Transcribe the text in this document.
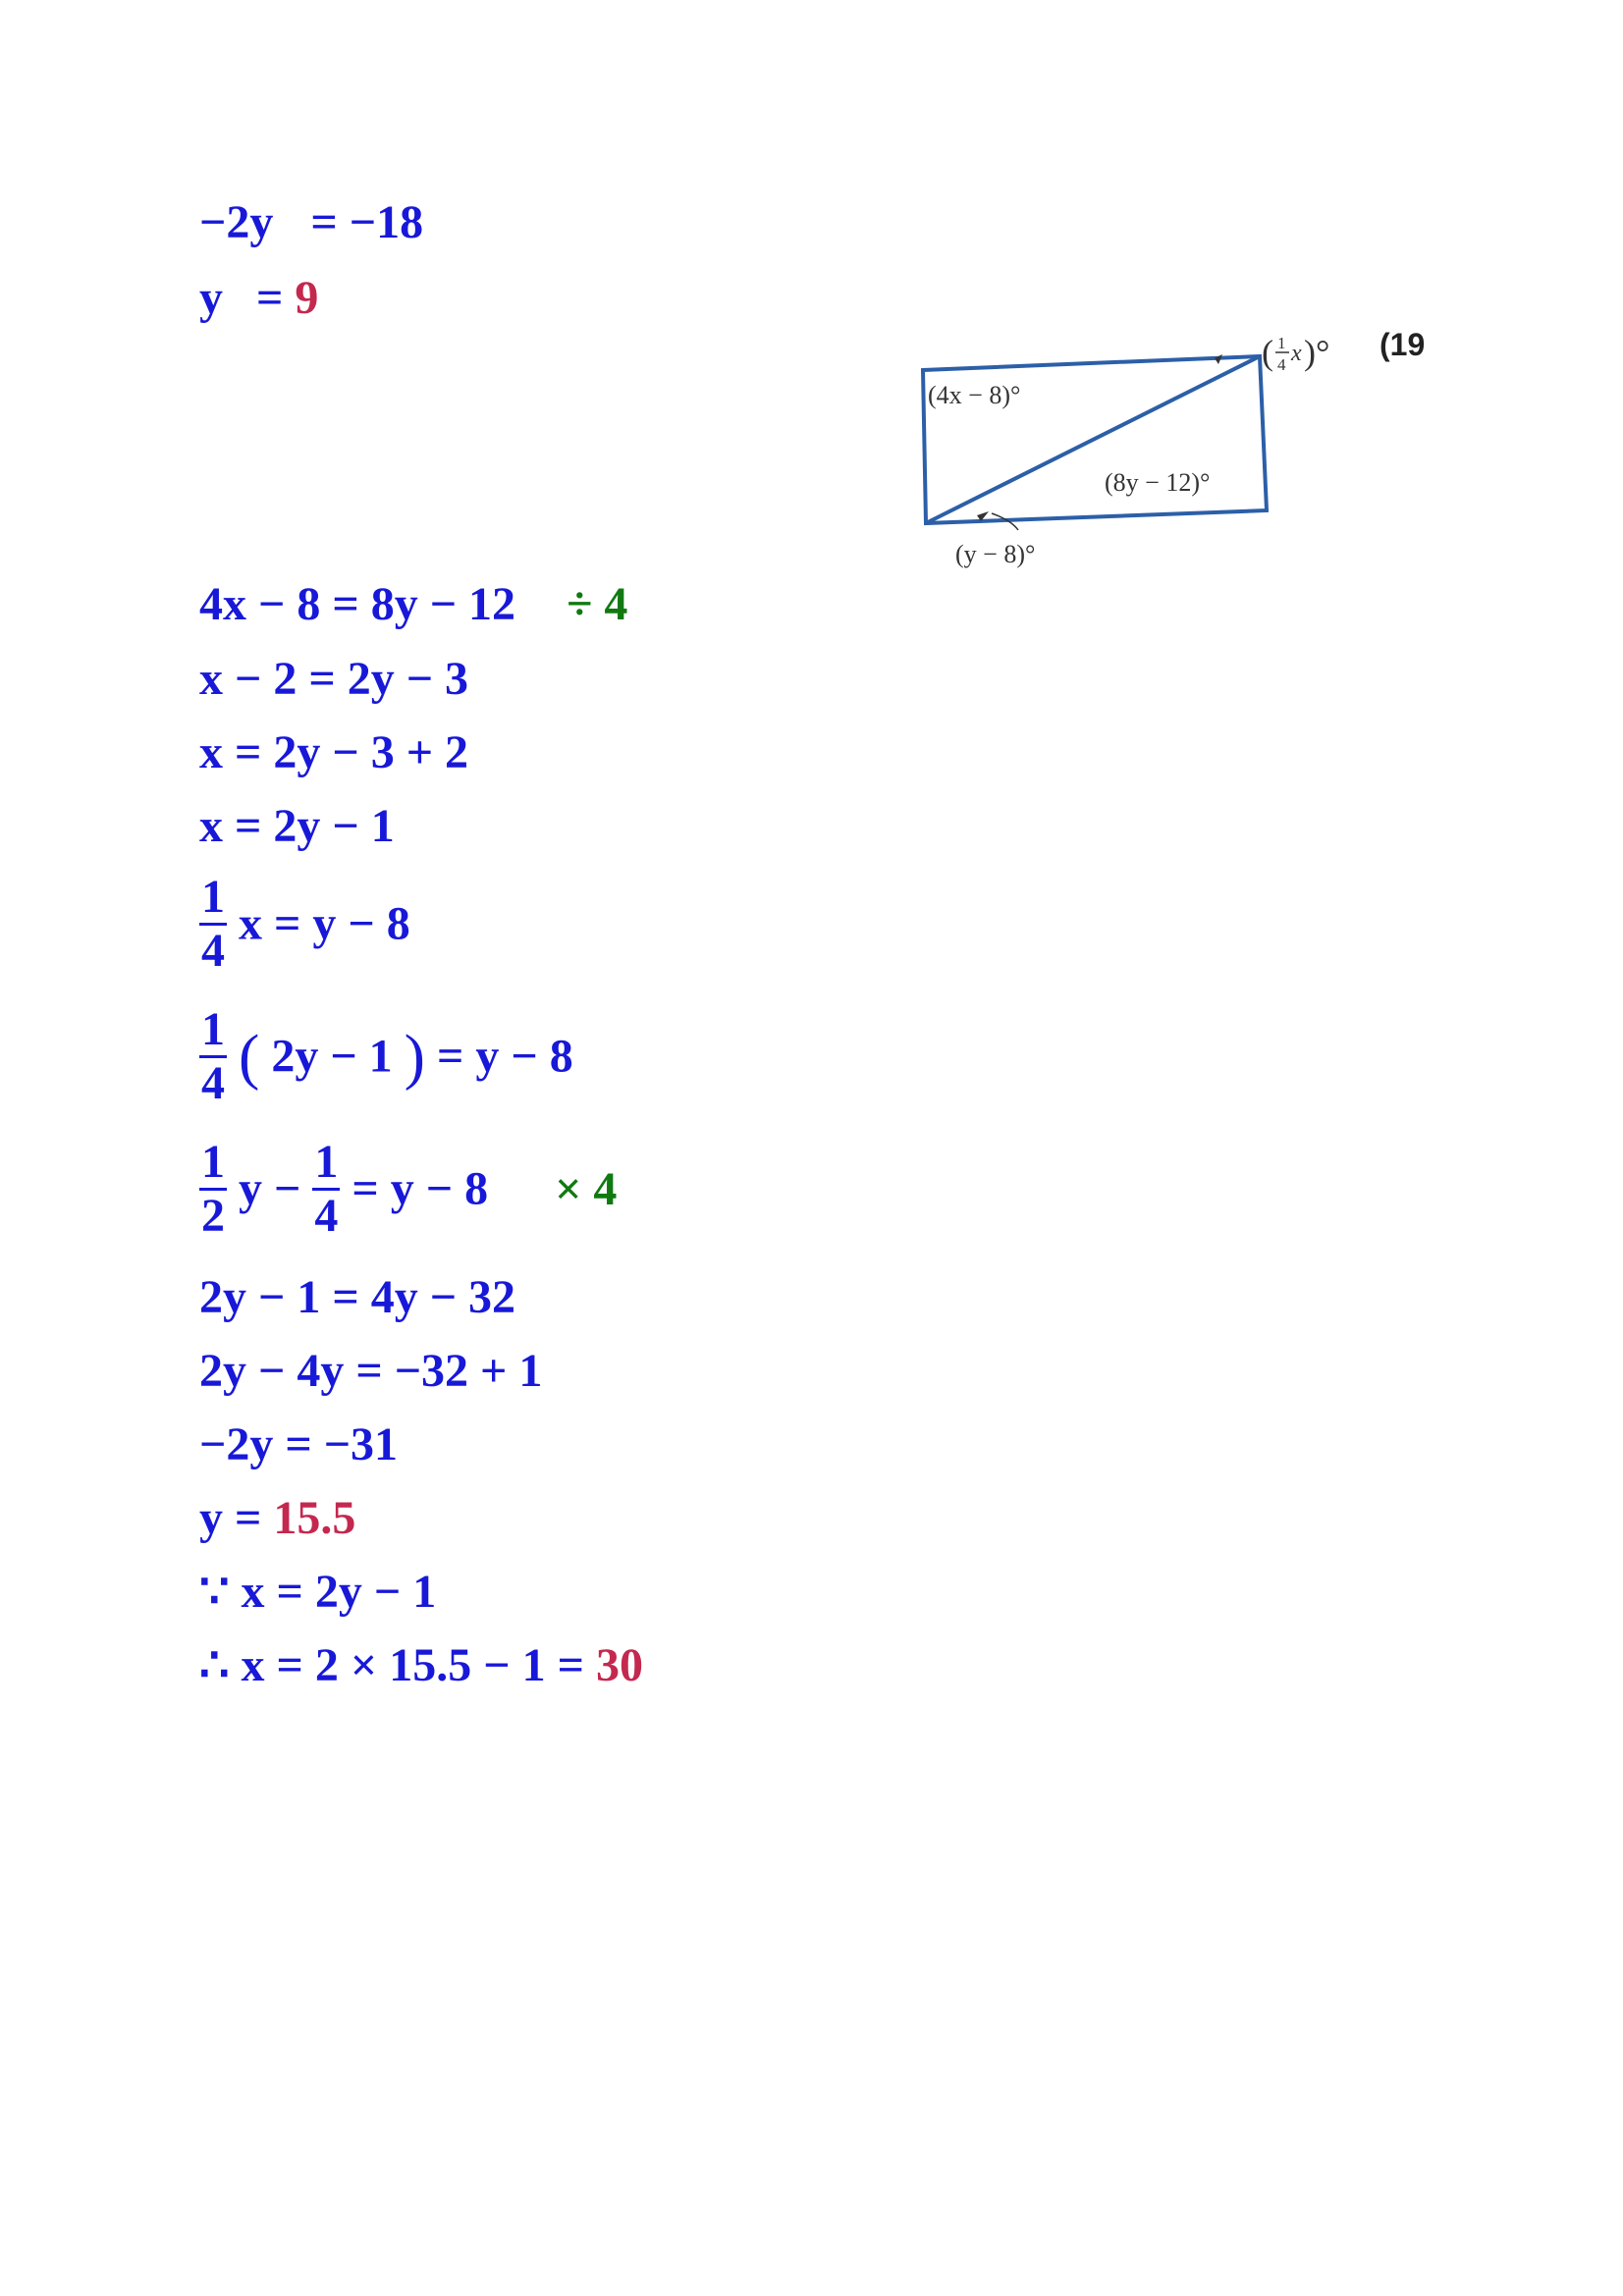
−2y = −18
y = 9
(4x − 8)°
(8y − 12)°
(y − 8)°
( 1
4 x )° (19
4x − 8 = 8y − 12 ÷ 4
x − 2 = 2y − 3
x = 2y − 3 + 2
x = 2y − 1
$\frac{1}{4}$ x = y − 8
$\frac{1}{4}$ ( 2y − 1 ) = y − 8
$\frac{1}{2}$ $y - \frac{1}{4} = y - 8 \times 4$
2y − 1 = 4y − 32
2y − 4y = −32 + 1
−2y = −31
y = 15.5
∵ x = 2y − 1
∴ x = 2 × 15.5 − 1 = 30
